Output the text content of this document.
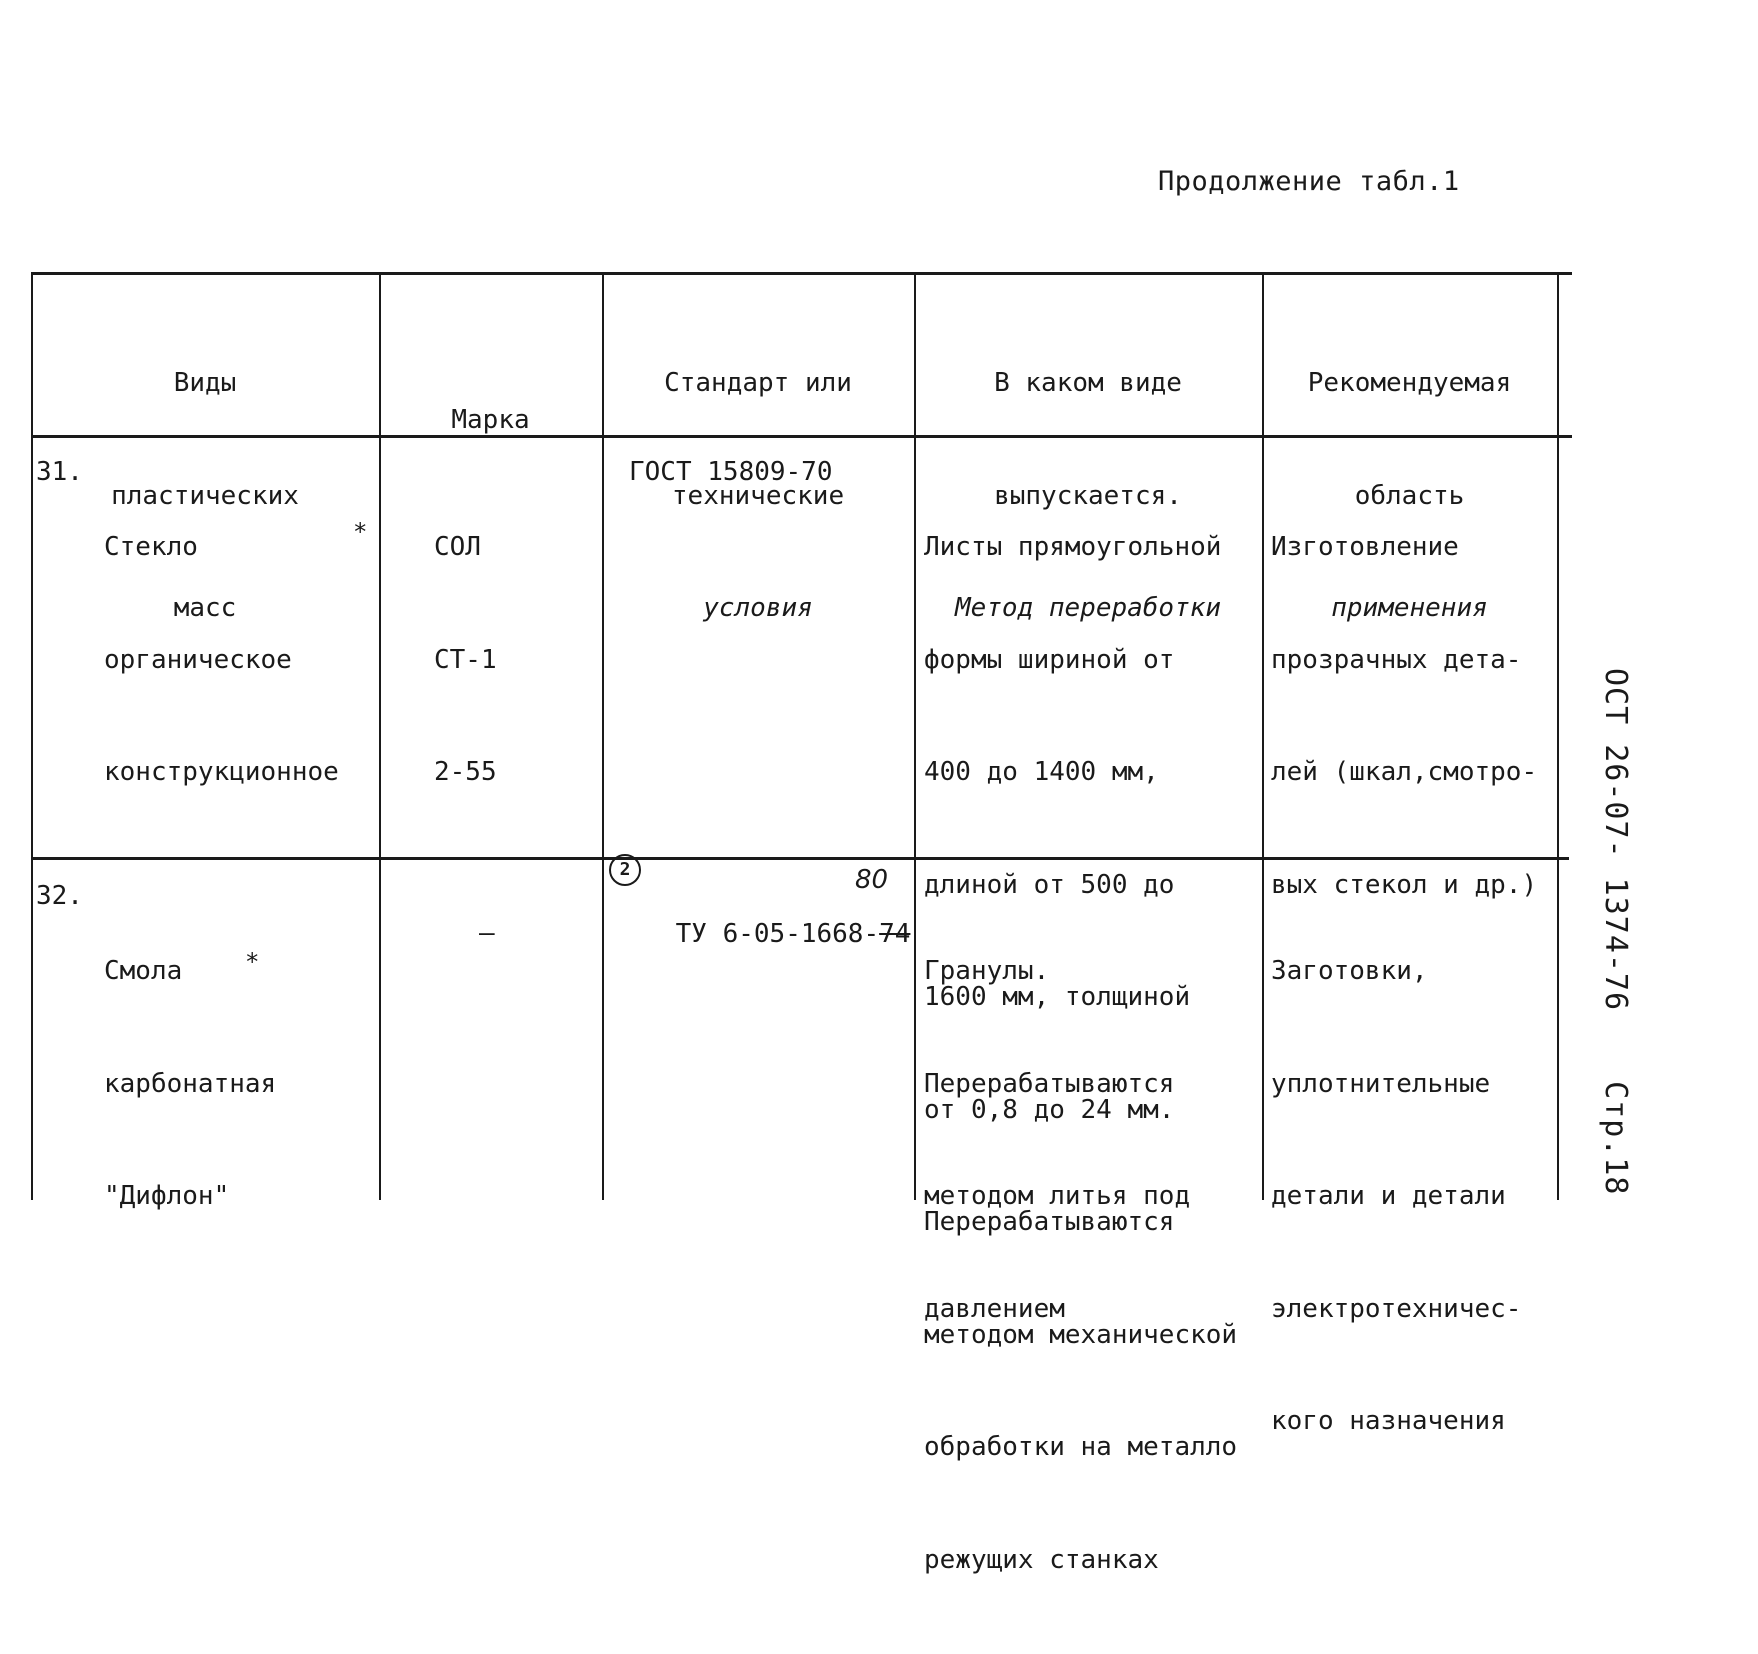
Продолжение табл.1

Виды

пластических

масс

Марка

Стандарт или

технические

условия

В каком виде

выпускается.

Метод переработки

Рекомендуемая

область

применения

31.

Стекло

органическое

конструкционное

*

	СОЛ

СТ-1

2-55

ГОСТ 15809-70

Листы прямоугольной

формы шириной от

400 до 1400 мм,

длиной от 500 до

1600 мм, толщиной

от 0,8 до 24 мм.

Перерабатываются

методом механической

обработки на металло

режущих станках

Изготовление

прозрачных дета-

лей (шкал,смотро-

вых стекол и др.)

32.

Смола

карбонатная

"Дифлон"

*
—
2

ТУ 6-05-1668-74

80

Гранулы.

Перерабатываются

методом литья под

давлением

Заготовки,

уплотнительные

детали и детали

электротехничес-

кого назначения

ОСТ 26-07- 1374-76Стр.18
